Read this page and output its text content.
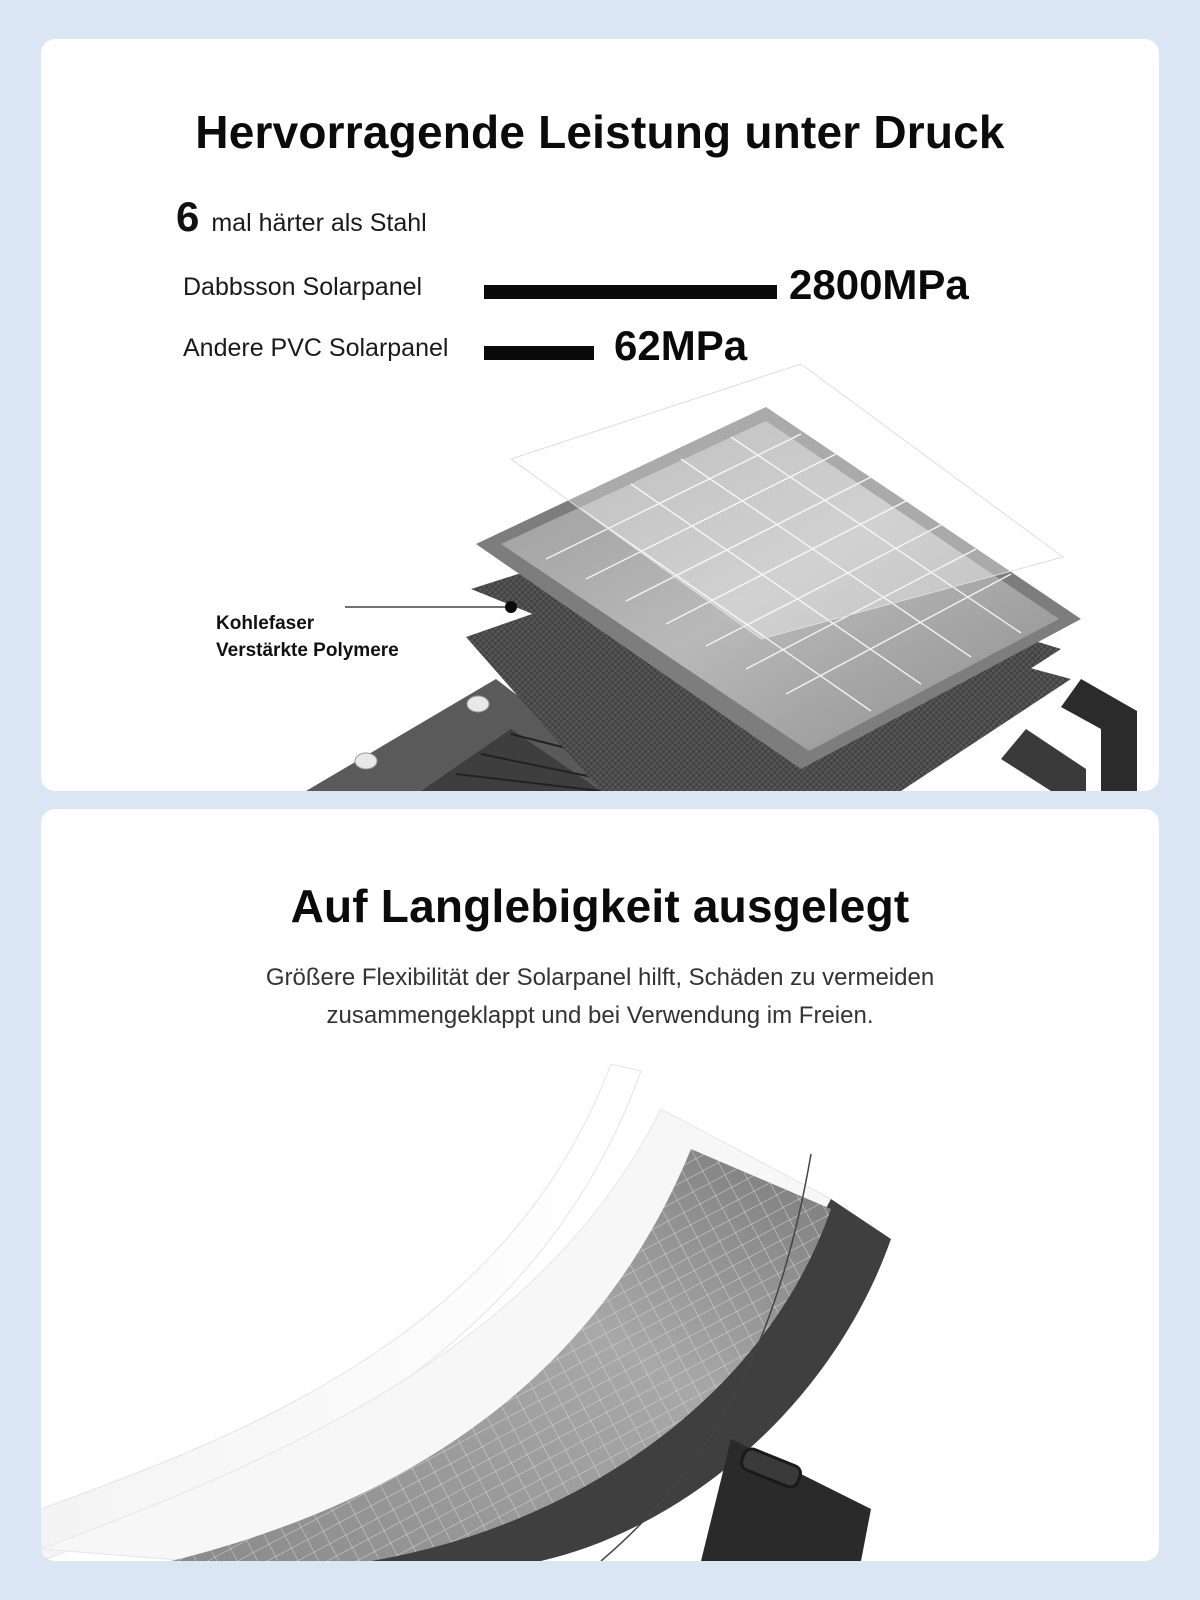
Hervorragende Leistung unter Druck
6 mal härter als Stahl
Dabbsson Solarpanel	2800MPa
Andere PVC Solarpanel	62MPa
Kohlefaser
Verstärkte Polymere
Auf Langlebigkeit ausgelegt
Größere Flexibilität der Solarpanel hilft, Schäden zu vermeiden
zusammengeklappt und bei Verwendung im Freien.
